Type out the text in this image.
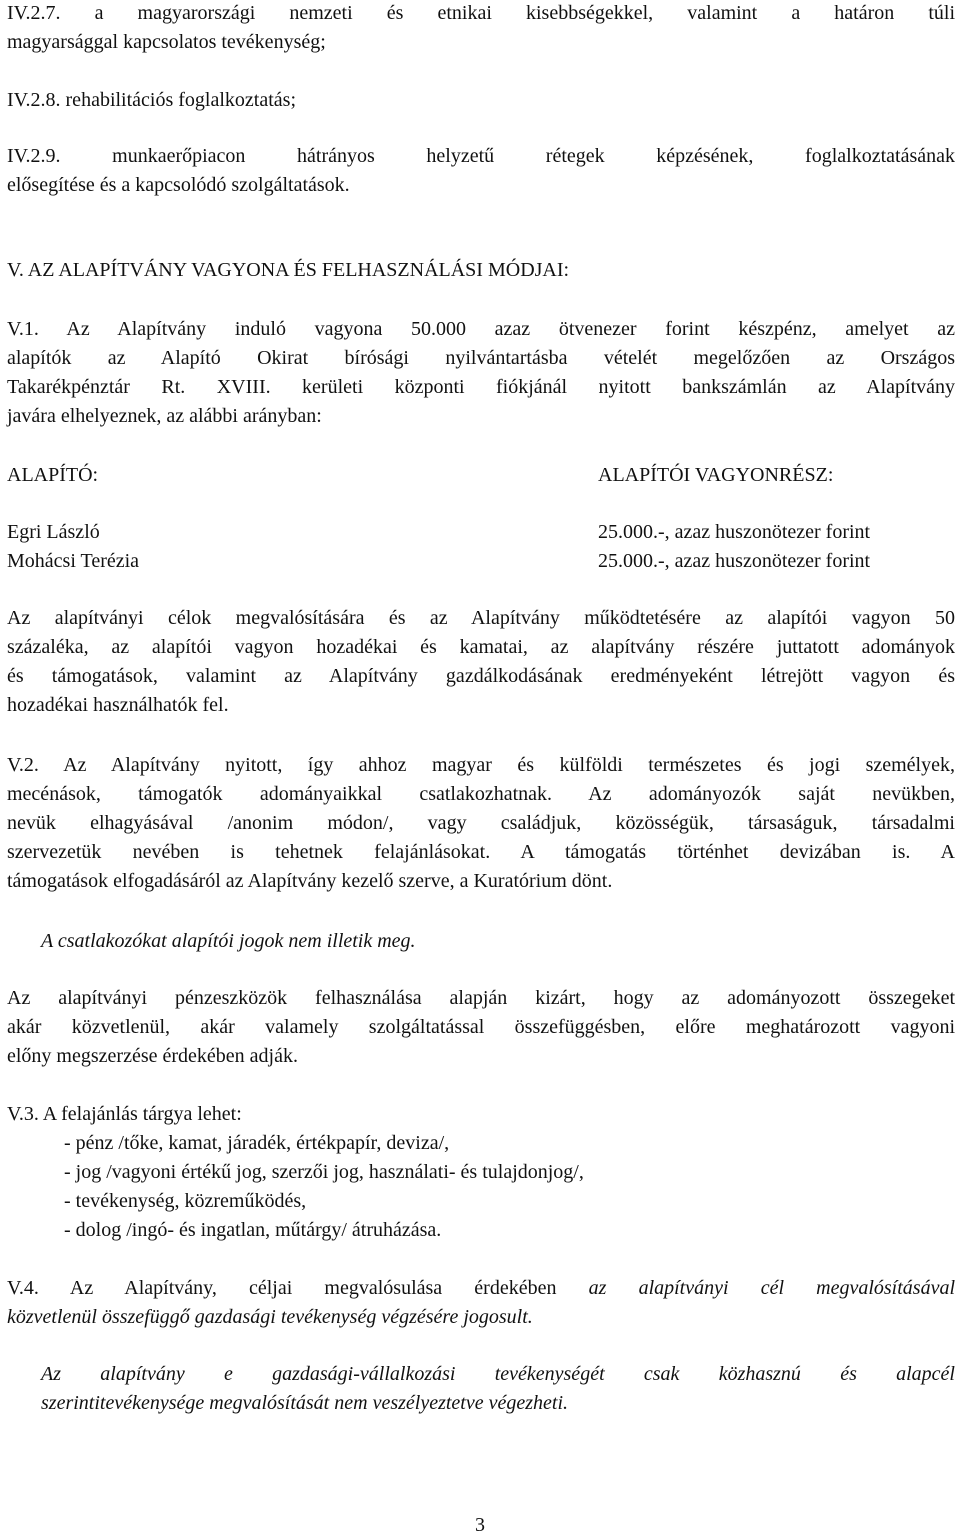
IV.2.7. a magyarországi nemzeti és etnikai kisebbségekkel, valamint a határon túli
magyarsággal kapcsolatos tevékenység;
IV.2.8. rehabilitációs foglalkoztatás;
IV.2.9. munkaerőpiacon hátrányos helyzetű rétegek képzésének, foglalkoztatásának
elősegítése és a kapcsolódó szolgáltatások.
V. AZ ALAPÍTVÁNY VAGYONA ÉS FELHASZNÁLÁSI MÓDJAI:
V.1. Az Alapítvány induló vagyona 50.000 azaz ötvenezer forint készpénz, amelyet az
alapítók az Alapító Okirat bírósági nyilvántartásba vételét megelőzően az Országos
Takarékpénztár Rt. XVIII. kerületi központi fiókjánál nyitott bankszámlán az Alapítvány
javára elhelyeznek, az alábbi arányban:
ALAPÍTÓ:	ALAPÍTÓI VAGYONRÉSZ:
Egri László	25.000.-, azaz huszonötezer forint
Mohácsi Terézia	25.000.-, azaz huszonötezer forint
Az alapítványi célok megvalósítására és az Alapítvány működtetésére az alapítói vagyon 50
százaléka, az alapítói vagyon hozadékai és kamatai, az alapítvány részére juttatott adományok
és támogatások, valamint az Alapítvány gazdálkodásának eredményeként létrejött vagyon és
hozadékai használhatók fel.
V.2. Az Alapítvány nyitott, így ahhoz magyar és külföldi természetes és jogi személyek,
mecénások, támogatók adományaikkal csatlakozhatnak. Az adományozók saját nevükben,
nevük elhagyásával /anonim módon/, vagy családjuk, közösségük, társaságuk, társadalmi
szervezetük nevében is tehetnek felajánlásokat. A támogatás történhet devizában is. A
támogatások elfogadásáról az Alapítvány kezelő szerve, a Kuratórium dönt.
A csatlakozókat alapítói jogok nem illetik meg.
Az alapítványi pénzeszközök felhasználása alapján kizárt, hogy az adományozott összegeket
akár közvetlenül, akár valamely szolgáltatással összefüggésben, előre meghatározott vagyoni
előny megszerzése érdekében adják.
V.3. A felajánlás tárgya lehet:
- pénz /tőke, kamat, járadék, értékpapír, deviza/,
- jog /vagyoni értékű jog, szerzői jog, használati- és tulajdonjog/,
- tevékenység, közreműködés,
- dolog /ingó- és ingatlan, műtárgy/ átruházása.
V.4. Az Alapítvány, céljai megvalósulása érdekében az alapítványi cél megvalósításával
közvetlenül összefüggő gazdasági tevékenység végzésére jogosult.
Az alapítvány e gazdasági-vállalkozási tevékenységét csak közhasznú és alapcél
szerintitevékenysége megvalósítását nem veszélyeztetve végezheti.
3
